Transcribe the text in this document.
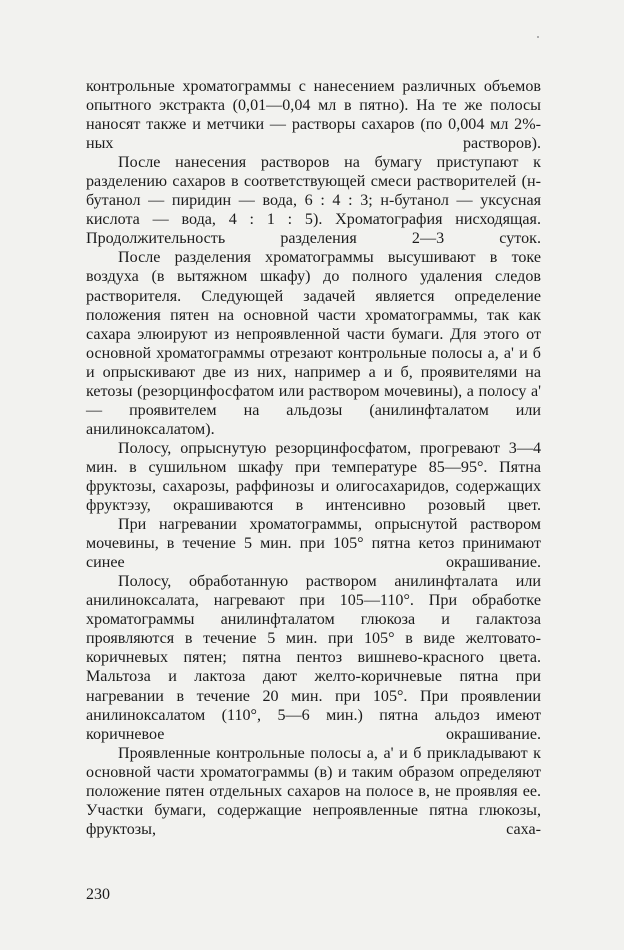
контрольные хроматограммы с нанесением различных объемов опытного экстракта (0,01—0,04 мл в пятно). На те же полосы наносят также и метчики — растворы сахаров (по 0,004 мл 2%-ных растворов).

После нанесения растворов на бумагу приступают к разделению сахаров в соответствующей смеси растворителей (н-бутанол — пиридин — вода, 6 : 4 : 3; н-бутанол — уксусная кислота — вода, 4 : 1 : 5). Хроматография нисходящая. Продолжительность разделения 2—3 суток.

После разделения хроматограммы высушивают в токе воздуха (в вытяжном шкафу) до полного удаления следов растворителя. Следующей задачей является определение положения пятен на основной части хроматограммы, так как сахара элюируют из непроявленной части бумаги. Для этого от основной хроматограммы отрезают контрольные полосы а, а' и б и опрыскивают две из них, например а и б, проявителями на кетозы (резорцинфосфатом или раствором мочевины), а полосу а' — проявителем на альдозы (анилинфталатом или анилиноксалатом).

Полосу, опрыснутую резорцинфосфатом, прогревают 3—4 мин. в сушильном шкафу при температуре 85—95°. Пятна фруктозы, сахарозы, раффинозы и олигосахаридов, содержащих фруктэзу, окрашиваются в интенсивно розовый цвет.

При нагревании хроматограммы, опрыснутой раствором мочевины, в течение 5 мин. при 105° пятна кетоз принимают синее окрашивание.

Полосу, обработанную раствором анилинфталата или анилиноксалата, нагревают при 105—110°. При обработке хроматограммы анилинфталатом глюкоза и галактоза проявляются в течение 5 мин. при 105° в виде желтовато-коричневых пятен; пятна пентоз вишнево-красного цвета. Мальтоза и лактоза дают желто-коричневые пятна при нагревании в течение 20 мин. при 105°. При проявлении анилиноксалатом (110°, 5—6 мин.) пятна альдоз имеют коричневое окрашивание.

Проявленные контрольные полосы а, а' и б прикладывают к основной части хроматограммы (в) и таким образом определяют положение пятен отдельных сахаров на полосе в, не проявляя ее. Участки бумаги, содержащие непроявленные пятна глюкозы, фруктозы, саха-

230
